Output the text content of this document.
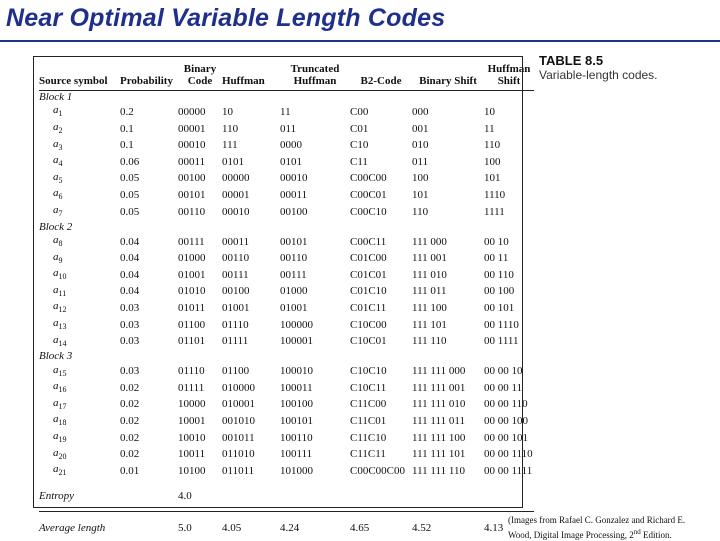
Near Optimal Variable Length Codes
TABLE 8.5
Variable-length codes.
Source symbol	Probability	Binary Code	Huffman	Truncated Huffman	B2-Code	Binary Shift	Huffman Shift
Block 1							
$a_1$	0.2	00000	10	11	C00	000	10
$a_2$	0.1	00001	110	011	C01	001	11
$a_3$	0.1	00010	111	0000	C10	010	110
$a_4$	0.06	00011	0101	0101	C11	011	100
$a_5$	0.05	00100	00000	00010	C00C00	100	101
$a_6$	0.05	00101	00001	00011	C00C01	101	1110
$a_7$	0.05	00110	00010	00100	C00C10	110	1111
Block 2							
$a_8$	0.04	00111	00011	00101	C00C11	111 000	00 10
$a_9$	0.04	01000	00110	00110	C01C00	111 001	00 11
$a_{10}$	0.04	01001	00111	00111	C01C01	111 010	00 110
$a_{11}$	0.04	01010	00100	01000	C01C10	111 011	00 100
$a_{12}$	0.03	01011	01001	01001	C01C11	111 100	00 101
$a_{13}$	0.03	01100	01110	100000	C10C00	111 101	00 1110
$a_{14}$	0.03	01101	01111	100001	C10C01	111 110	00 1111
Block 3							
$a_{15}$	0.03	01110	01100	100010	C10C10	111 111 000	00 00 10
$a_{16}$	0.02	01111	010000	100011	C10C11	111 111 001	00 00 11
$a_{17}$	0.02	10000	010001	100100	C11C00	111 111 010	00 00 110
$a_{18}$	0.02	10001	001010	100101	C11C01	111 111 011	00 00 100
$a_{19}$	0.02	10010	001011	100110	C11C10	111 111 100	00 00 101
$a_{20}$	0.02	10011	011010	100111	C11C11	111 111 101	00 00 1110
$a_{21}$	0.01	10100	011011	101000	C00C00C00	111 111 110	00 00 1111
Entropy		4.0					
Average length		5.0	4.05	4.24	4.65	4.52	4.13
(Images from Rafael C. Gonzalez and Richard E.
Wood, Digital Image Processing, 2nd Edition.
